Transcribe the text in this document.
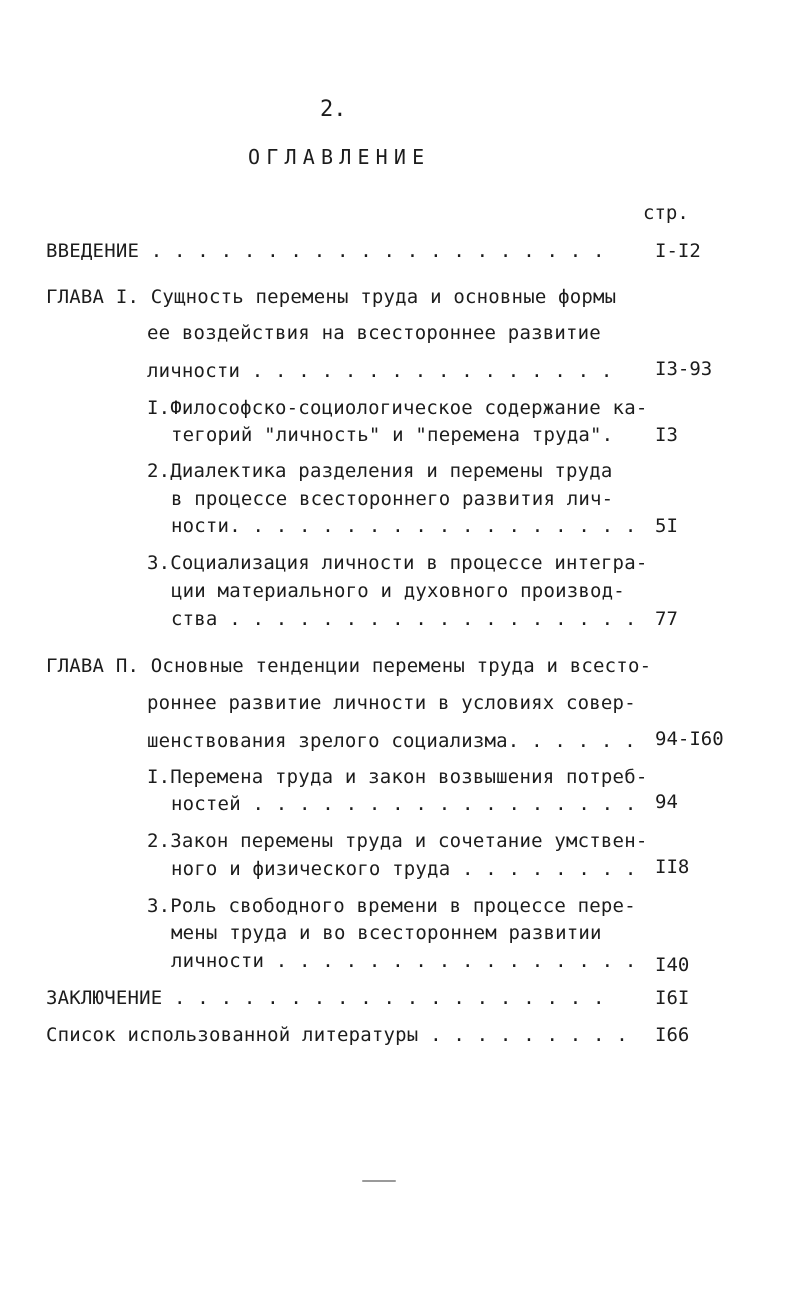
2.
ОГЛАВЛЕНИЕ
стр.
ВВЕДЕНИЕ . . . . . . . . . . . . . . . . . . . .	I-I2
ГЛАВА I. Сущность перемены труда и основные формы
ее воздействия на всестороннее развитие
личности . . . . . . . . . . . . . . . . I3-93
I.Философско-социологическое содержание ка-
тегорий "личность" и "перемена труда". I3
2.Диалектика разделения и перемены труда
в процессе всестороннего развития лич-
ности. . . . . . . . . . . . . . . . . . 5I
3.Социализация личности в процессе интегра-
ции материального и духовного производ-
ства . . . . . . . . . . . . . . . . . . 77
ГЛАВА П. Основные тенденции перемены труда и всесто-
роннее развитие личности в условиях совер-
шенствования зрелого социализма. . . . . . 94-I60
I.Перемена труда и закон возвышения потреб-
ностей . . . . . . . . . . . . . . . . . 94
2.Закон перемены труда и сочетание умствен-
ного и физического труда . . . . . . . . II8
3.Роль свободного времени в процессе пере-
мены труда и во всестороннем развитии
личности . . . . . . . . . . . . . . . . I40
ЗАКЛЮЧЕНИЕ . . . . . . . . . . . . . . . . . . .	I6I
Список использованной литературы . . . . . . . . . I66
